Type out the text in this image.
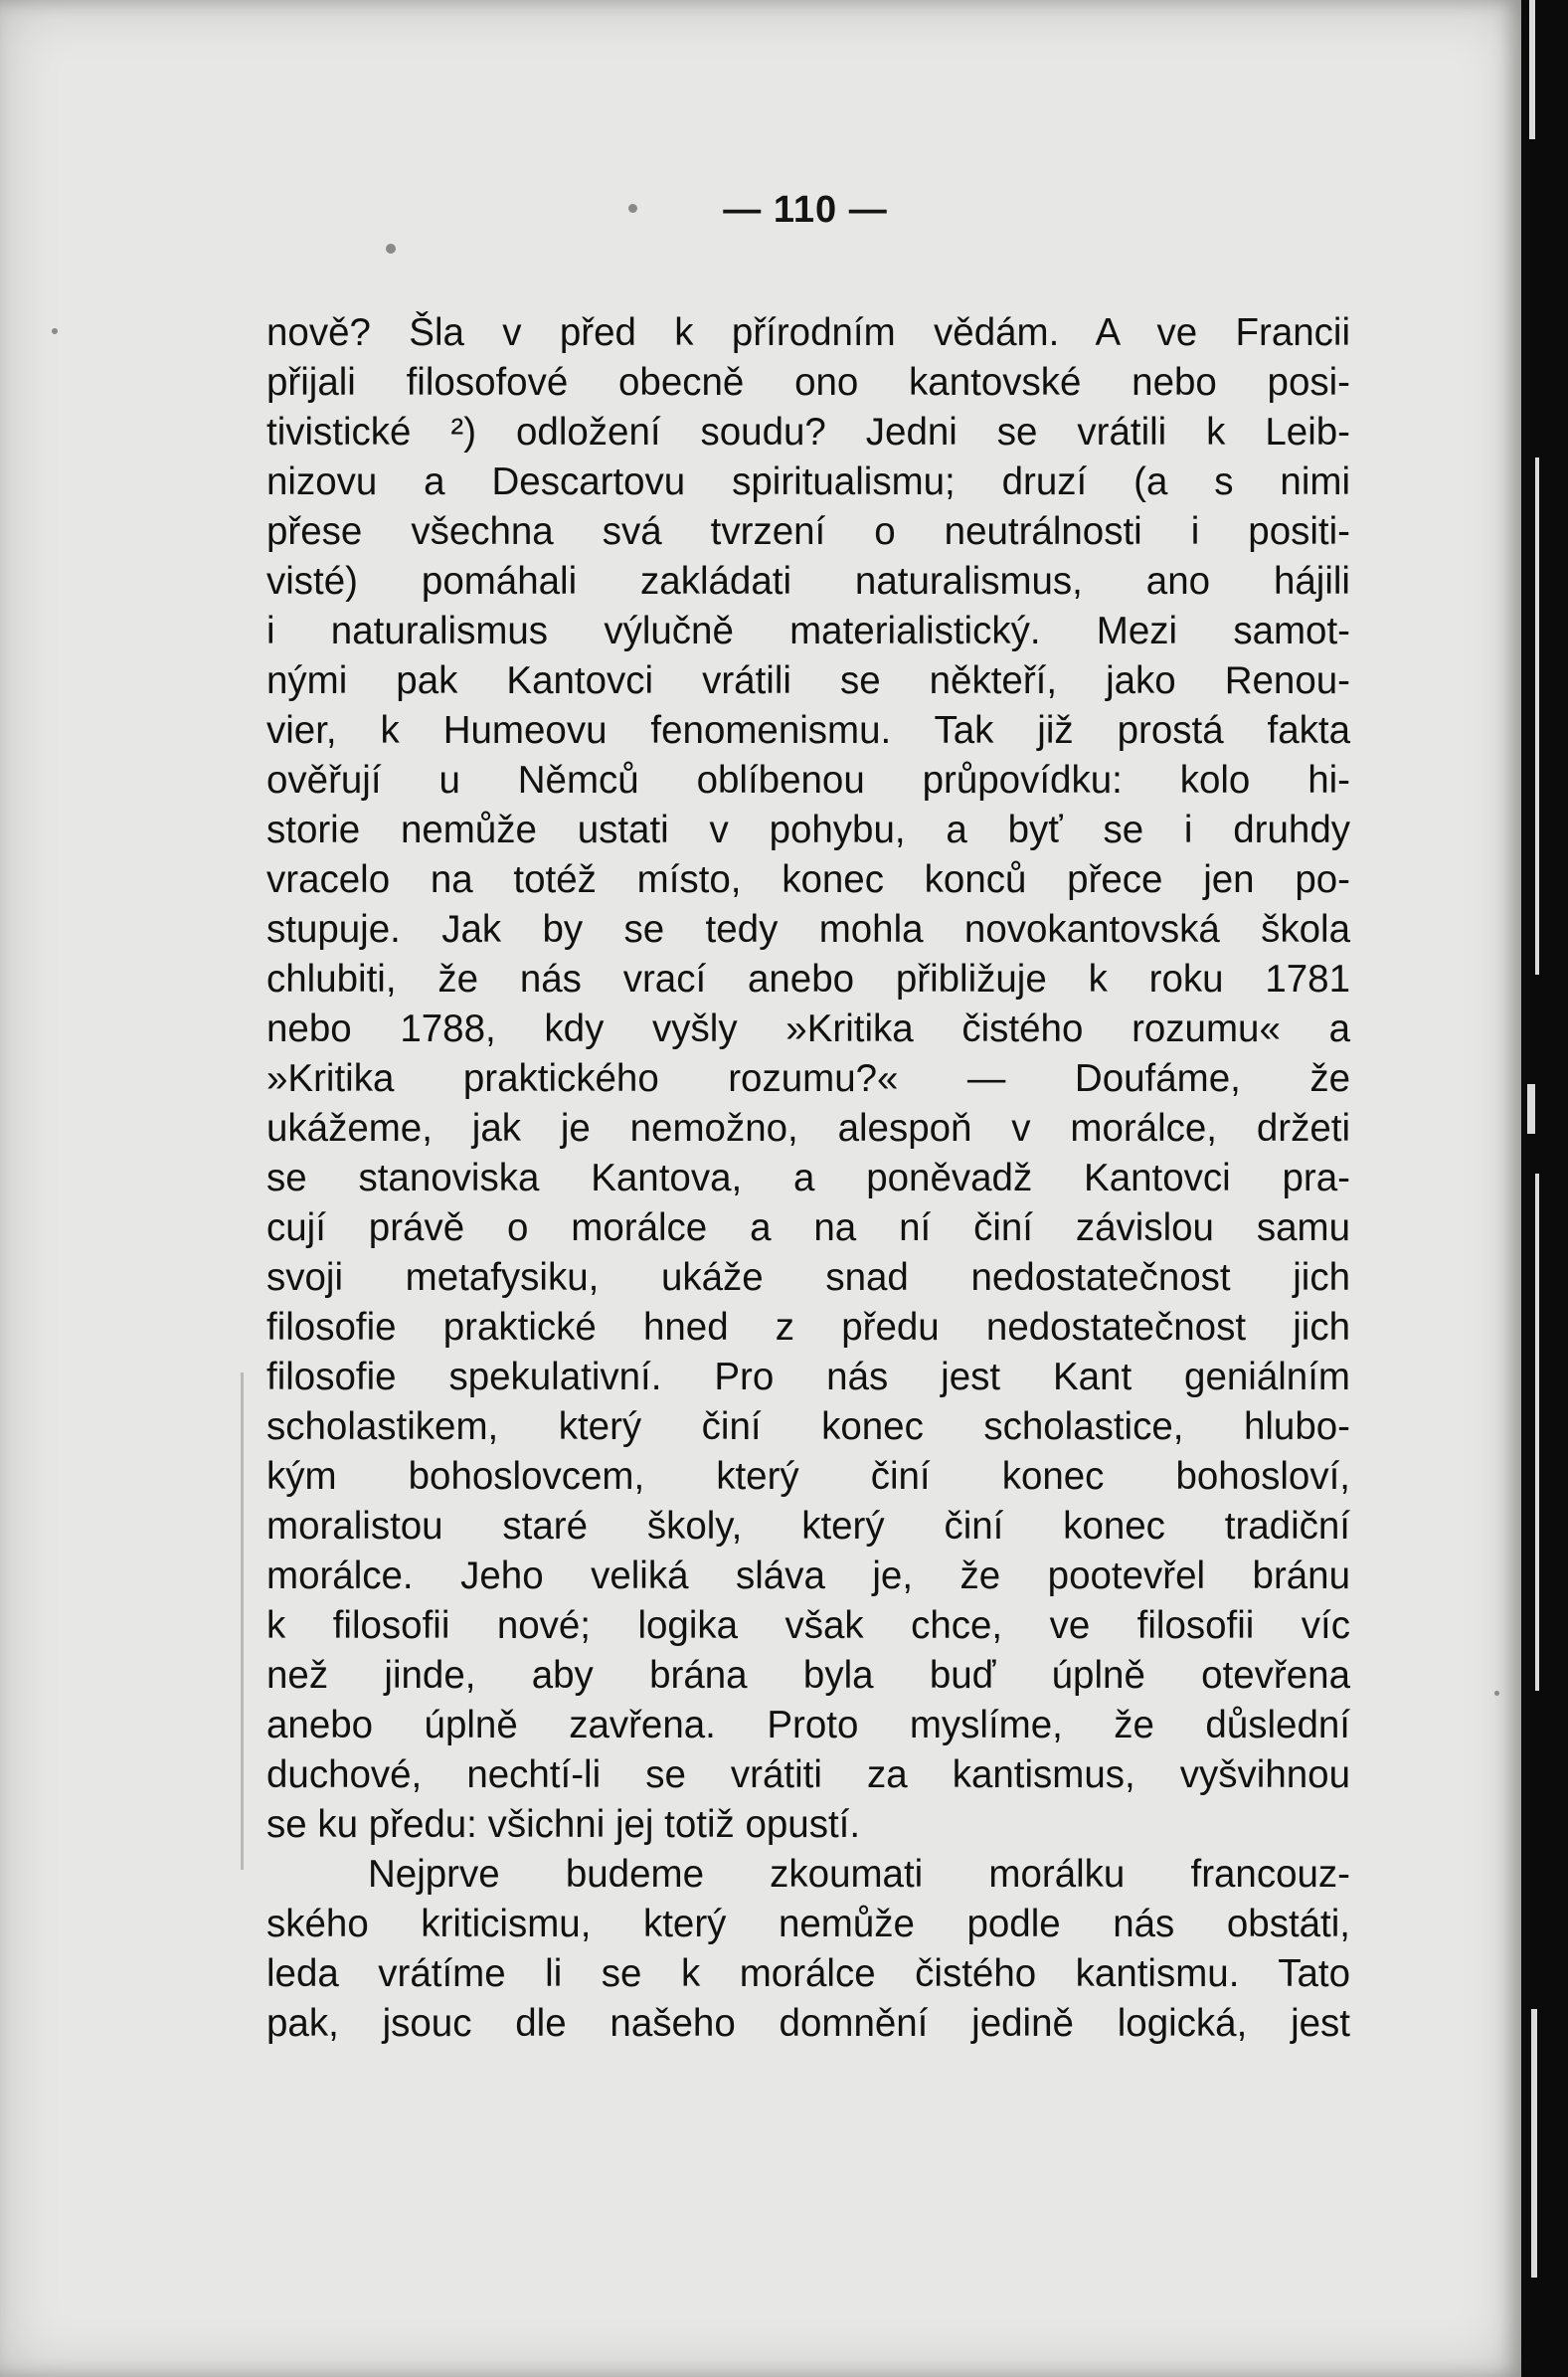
— 110 —
nově? Šla v před k přírodním vědám. A ve Francii
přijali filosofové obecně ono kantovské nebo posi-
tivistické ²) odložení soudu? Jedni se vrátili k Leib-
nizovu a Descartovu spiritualismu; druzí (a s nimi
přese všechna svá tvrzení o neutrálnosti i positi-
visté) pomáhali zakládati naturalismus, ano hájili
i naturalismus výlučně materialistický. Mezi samot-
nými pak Kantovci vrátili se někteří, jako Renou-
vier, k Humeovu fenomenismu. Tak již prostá fakta
ověřují u Němců oblíbenou průpovídku: kolo hi-
storie nemůže ustati v pohybu, a byť se i druhdy
vracelo na totéž místo, konec konců přece jen po-
stupuje. Jak by se tedy mohla novokantovská škola
chlubiti, že nás vrací anebo přibližuje k roku 1781
nebo 1788, kdy vyšly »Kritika čistého rozumu« a
»Kritika praktického rozumu?« — Doufáme, že
ukážeme, jak je nemožno, alespoň v morálce, držeti
se stanoviska Kantova, a poněvadž Kantovci pra-
cují právě o morálce a na ní činí závislou samu
svoji metafysiku, ukáže snad nedostatečnost jich
filosofie praktické hned z předu nedostatečnost jich
filosofie spekulativní. Pro nás jest Kant geniálním
scholastikem, který činí konec scholastice, hlubo-
kým bohoslovcem, který činí konec bohosloví,
moralistou staré školy, který činí konec tradiční
morálce. Jeho veliká sláva je, že pootevřel bránu
k filosofii nové; logika však chce, ve filosofii víc
než jinde, aby brána byla buď úplně otevřena
anebo úplně zavřena. Proto myslíme, že důslední
duchové, nechtí-li se vrátiti za kantismus, vyšvihnou
se ku předu: všichni jej totiž opustí.
Nejprve budeme zkoumati morálku francouz-
ského kriticismu, který nemůže podle nás obstáti,
leda vrátíme li se k morálce čistého kantismu. Tato
pak, jsouc dle našeho domnění jedině logická, jest
